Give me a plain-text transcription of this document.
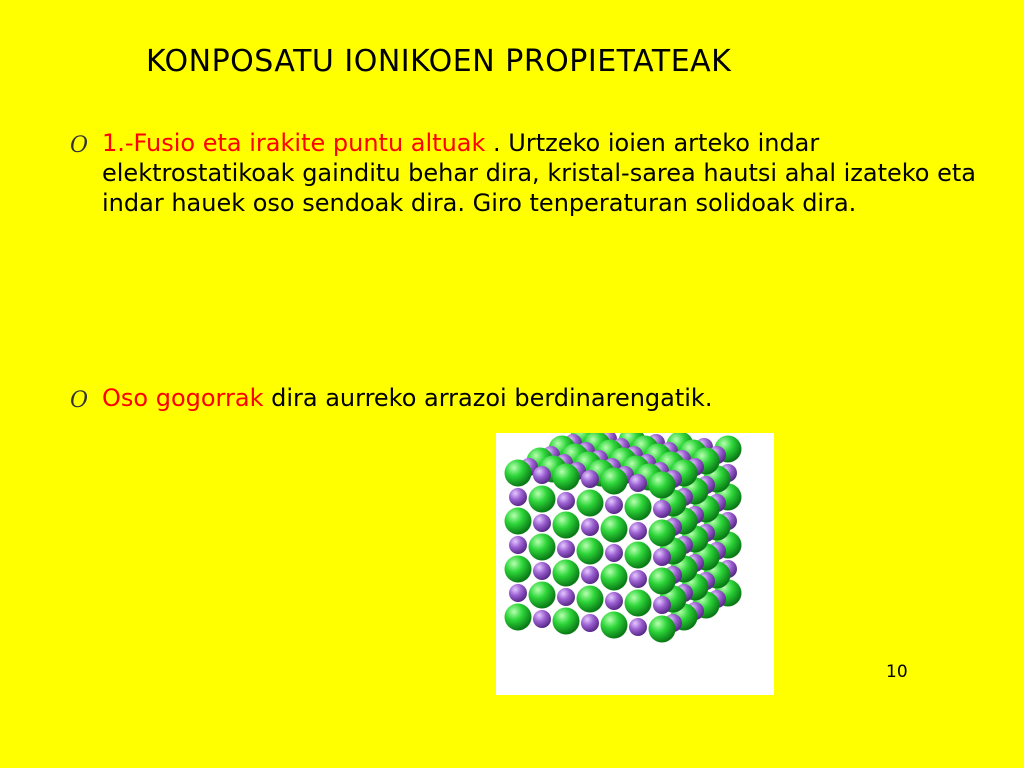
KONPOSATU IONIKOEN PROPIETATEAK
O 1.-Fusio eta irakite puntu altuak . Urtzeko ioien arteko indar elektrostatikoak gainditu behar dira, kristal-sarea hautsi ahal izateko eta indar hauek oso sendoak dira. Giro tenperaturan solidoak dira.
O Oso gogorrak dira aurreko arrazoi berdinarengatik.
10
